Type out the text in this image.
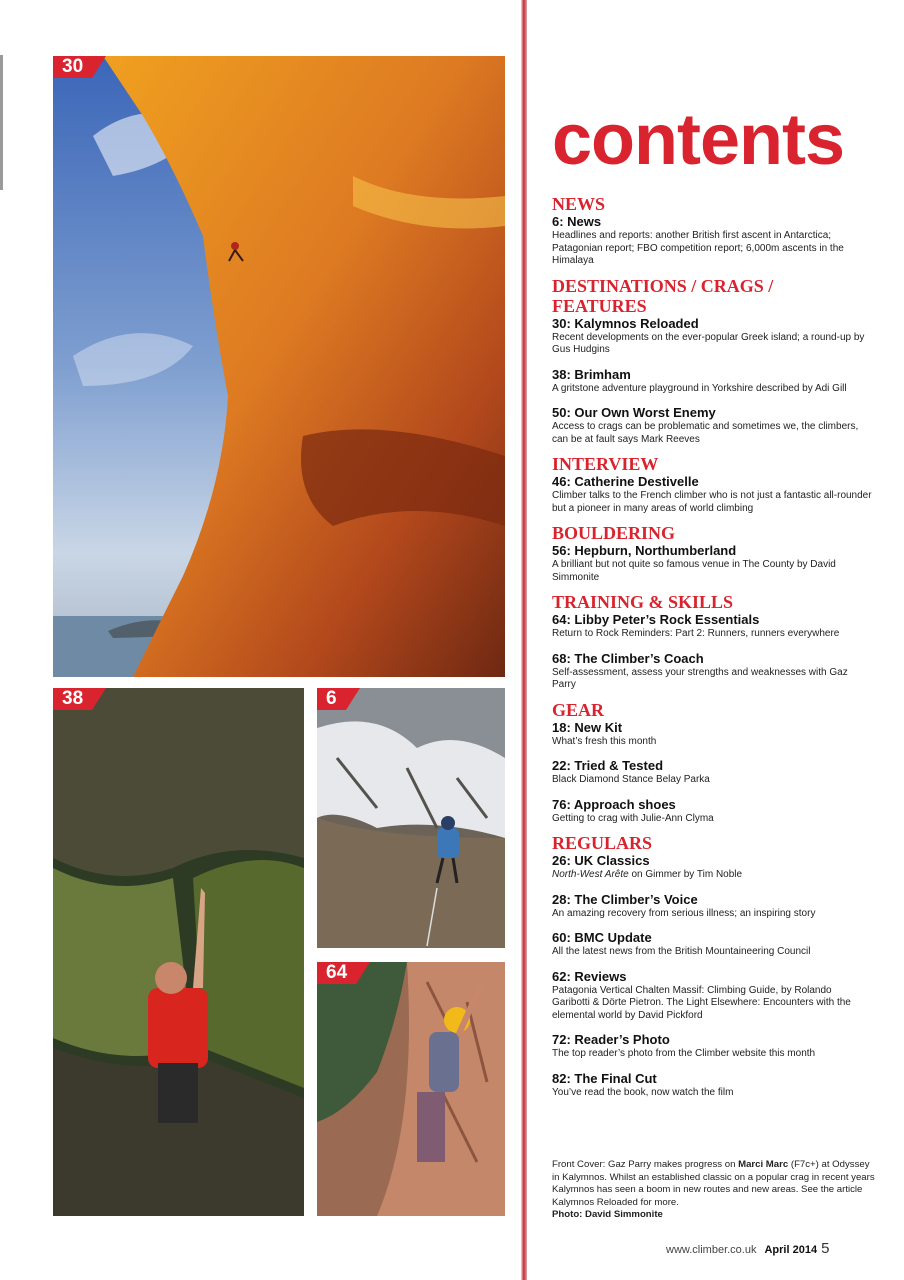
30
38	6
64
contents
NEWS
6: News

Headlines and reports: another British first ascent in Antarctica; Patagonian report; FBO competition report; 6,000m ascents in the Himalaya

DESTINATIONS / CRAGS / FEATURES
30: Kalymnos Reloaded

Recent developments on the ever-popular Greek island; a round-up by Gus Hudgins

38: Brimham

A gritstone adventure playground in Yorkshire described by Adi Gill

50: Our Own Worst Enemy

Access to crags can be problematic and sometimes we, the climbers, can be at fault says Mark Reeves

INTERVIEW
46: Catherine Destivelle

Climber talks to the French climber who is not just a fantastic all-rounder but a pioneer in many areas of world climbing

BOULDERING
56: Hepburn, Northumberland

A brilliant but not quite so famous venue in The County by David Simmonite

TRAINING & SKILLS
64: Libby Peter’s Rock Essentials

Return to Rock Reminders: Part 2: Runners, runners everywhere

68: The Climber’s Coach

Self-assessment, assess your strengths and weaknesses with Gaz Parry

GEAR
18: New Kit

What’s fresh this month

22: Tried & Tested

Black Diamond Stance Belay Parka

76: Approach shoes

Getting to crag with Julie-Ann Clyma

REGULARS
26: UK Classics

North-West Arête on Gimmer by Tim Noble

28: The Climber’s Voice

An amazing recovery from serious illness; an inspiring story

60: BMC Update

All the latest news from the British Mountaineering Council

62: Reviews

Patagonia Vertical Chalten Massif: Climbing Guide, by Rolando Garibotti & Dörte Pietron. The Light Elsewhere: Encounters with the elemental world by David Pickford

72: Reader’s Photo

The top reader’s photo from the Climber website this month

82: The Final Cut

You’ve read the book, now watch the film

Front Cover: Gaz Parry makes progress on Marci Marc (F7c+) at Odyssey in Kalymnos. Whilst an established classic on a popular crag in recent years Kalymnos has seen a boom in new routes and new areas. See the article Kalymnos Reloaded for more.
Photo: David Simmonite

www.climber.co.uk April 2014 5
